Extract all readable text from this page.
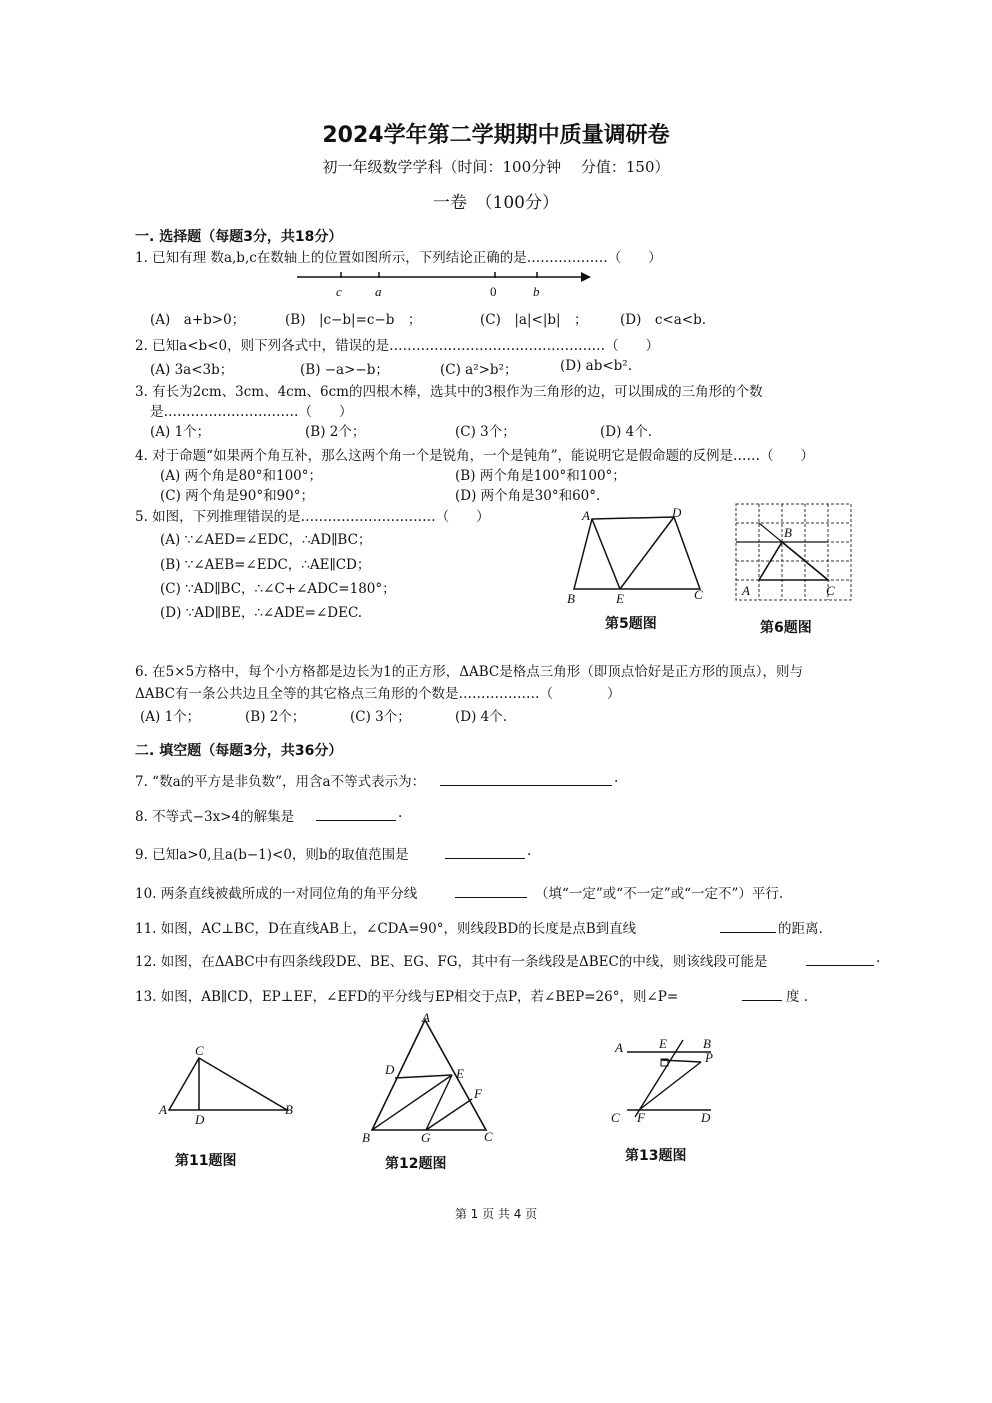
2024学年第二学期期中质量调研卷
初一年级数学学科（时间：100分钟　 分值：150）
一卷　（100分）
一. 选择题（每题3分，共18分）
1. 已知有理 数a,b,c在数轴上的位置如图所示，下列结论正确的是………………（　　）
c	a	0	b
(A)　a+b>0；	(B)　|c−b|=c−b　；	(C)　|a|<|b|　； (D)　c<a<b.
2. 已知a<b<0，则下列各式中，错误的是…………………………………………（　　）
(A) 3a<3b；	(B) −a>−b；	(C) a²>b²；	(D) ab<b².
3. 有长为2cm、3cm、4cm、6cm的四根木棒，选其中的3根作为三角形的边，可以围成的三角形的个数
是…………………………（　　）
(A) 1个；	(B) 2个；	(C) 3个；	(D) 4个.
4. 对于命题“如果两个角互补，那么这两个角一个是锐角，一个是钝角”，能说明它是假命题的反例是……（　　）
(A) 两个角是80°和100°；	(B) 两个角是100°和100°；
(C) 两个角是90°和90°；	(D) 两个角是30°和60°.
5. 如图，下列推理错误的是…………………………（　　）
(A) ∵∠AED=∠EDC，∴AD∥BC；
(B) ∵∠AEB=∠EDC，∴AE∥CD；
(C) ∵AD∥BC，∴∠C+∠ADC=180°；
(D) ∵AD∥BE，∴∠ADE=∠DEC.
A	D
B	E	C
第5题图
B
A	C
第6题图
6. 在5×5方格中，每个小方格都是边长为1的正方形，ΔABC是格点三角形（即顶点恰好是正方形的顶点），则与
ΔABC有一条公共边且全等的其它格点三角形的个数是………………（　　　　）
(A) 1个；	(B) 2个；	(C) 3个；	(D) 4个.
二. 填空题（每题3分，共36分）
7. “数a的平方是非负数”，用含a不等式表示为：	.
8. 不等式−3x>4的解集是	.
9. 已知a>0,且a(b−1)<0，则b的取值范围是	.
10. 两条直线被截所成的一对同位角的角平分线	（填“一定”或“不一定”或“一定不”）平行.
11. 如图，AC⊥BC，D在直线AB上，∠CDA=90°，则线段BD的长度是点B到直线	的距离.
12. 如图，在ΔABC中有四条线段DE、BE、EG、FG，其中有一条线段是ΔBEC的中线，则该线段可能是	.
13. 如图，AB∥CD，EP⊥EF，∠EFD的平分线与EP相交于点P，若∠BEP=26°，则∠P=	度 .
C
A
D
B
第11题图
A
D	E
F
B	G	C
第12题图
A	E	B
P
C F	D
第13题图
第 1 页 共 4 页
